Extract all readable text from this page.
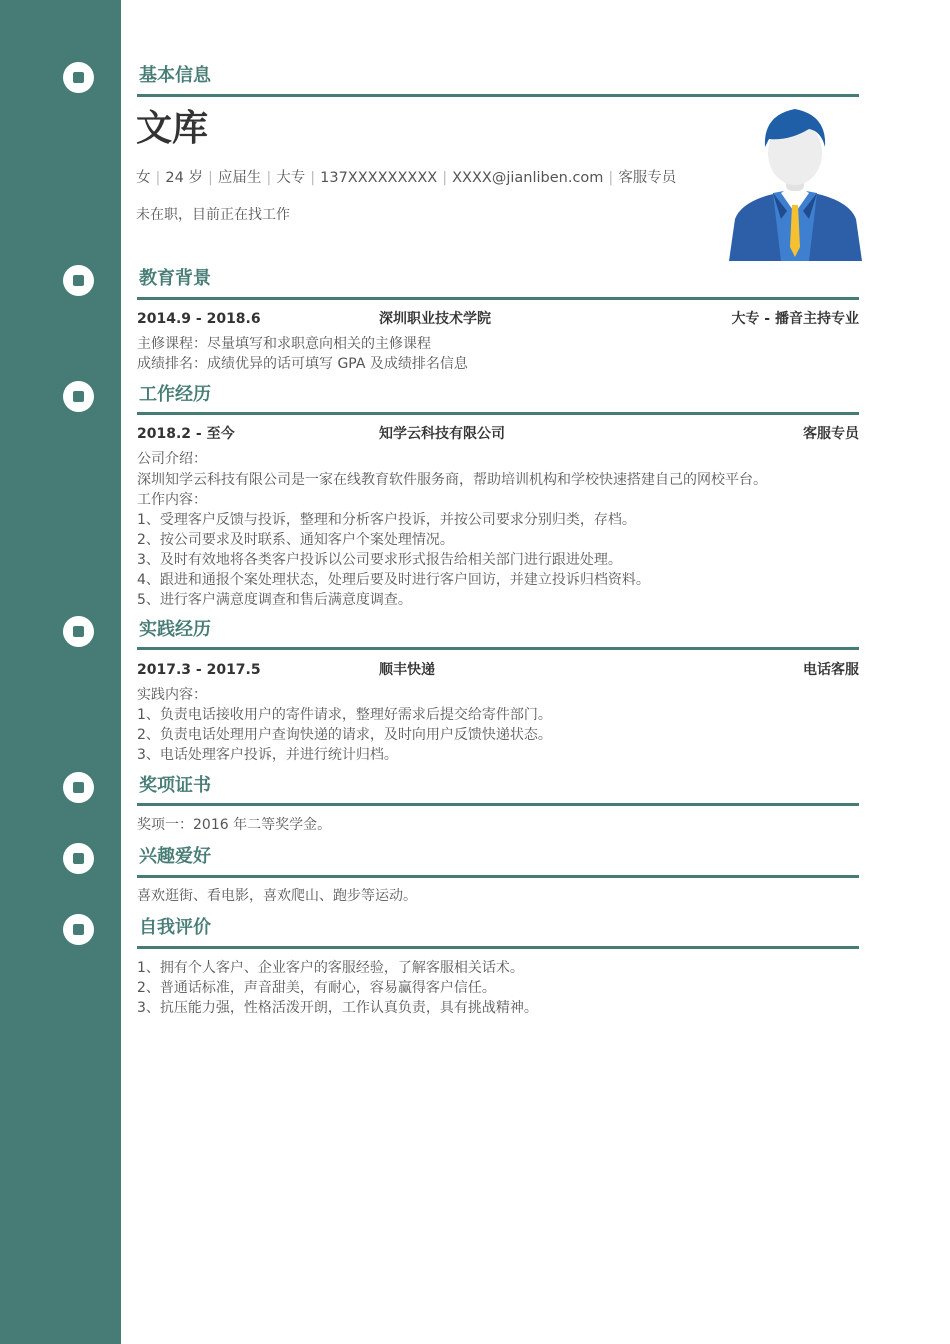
基本信息
文库
女 | 24 岁 | 应届生 | 大专 | 137XXXXXXXXX | XXXX@jianliben.com | 客服专员
未在职，目前正在找工作
教育背景
2014.9 - 2018.6	深圳职业技术学院	大专 - 播音主持专业
主修课程：尽量填写和求职意向相关的主修课程
成绩排名：成绩优异的话可填写 GPA 及成绩排名信息
工作经历
2018.2 - 至今	知学云科技有限公司	客服专员
公司介绍：
深圳知学云科技有限公司是一家在线教育软件服务商，帮助培训机构和学校快速搭建自己的网校平台。
工作内容：
1、受理客户反馈与投诉，整理和分析客户投诉，并按公司要求分别归类，存档。
2、按公司要求及时联系、通知客户个案处理情况。
3、及时有效地将各类客户投诉以公司要求形式报告给相关部门进行跟进处理。
4、跟进和通报个案处理状态，处理后要及时进行客户回访，并建立投诉归档资料。
5、进行客户满意度调查和售后满意度调查。
实践经历
2017.3 - 2017.5	顺丰快递	电话客服
实践内容：
1、负责电话接收用户的寄件请求，整理好需求后提交给寄件部门。
2、负责电话处理用户查询快递的请求，及时向用户反馈快递状态。
3、电话处理客户投诉，并进行统计归档。
奖项证书
奖项一：2016 年二等奖学金。
兴趣爱好
喜欢逛街、看电影，喜欢爬山、跑步等运动。
自我评价
1、拥有个人客户、企业客户的客服经验，了解客服相关话术。
2、普通话标准，声音甜美，有耐心，容易赢得客户信任。
3、抗压能力强，性格活泼开朗，工作认真负责，具有挑战精神。
